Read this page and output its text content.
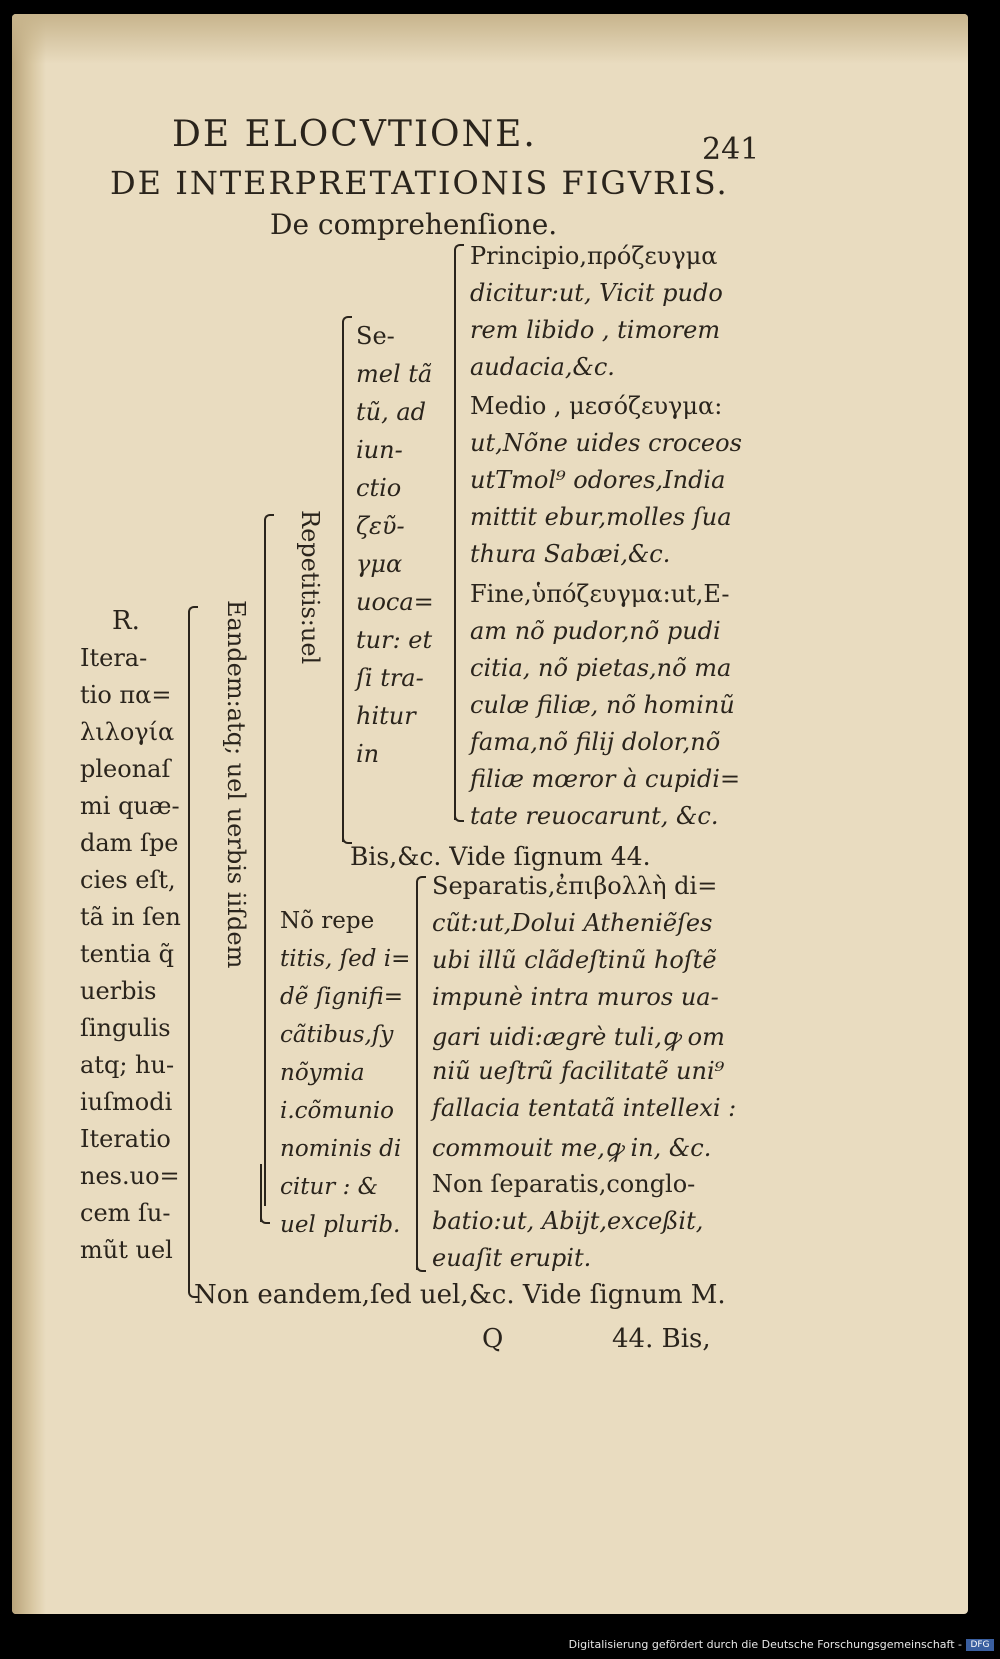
DE ELOCVTIONE.	241
DE INTERPRETATIONIS FIGVRIS.
De comprehenſione.
Itera-
tio πα=
λιλογία
pleonaſ
mi quæ-
dam ſpe
cies eſt,
tã in ſen
tentia q̃
uerbis
ſingulis
atq; hu-
iuſmodi
Iteratio
nes.uo=
cem ſu-
mũt uel
R.	Eandem:atq; uel uerbis iiſdem
Repetitis:uel
Se-
mel tã
tũ, ad
iun-
ctio
ζεῦ-
γμα
uoca=
tur: et
ſi tra-
hitur
in
Principio,πρόζευγμα
dicitur:ut, Vicit pudo
rem libido , timorem
audacia,&c.
Medio , μεσόζευγμα:
ut,Nõne uides croceos
utTmol⁹ odores,India
mittit ebur,molles ſua
thura Sabæi,&c.
Fine,ὑπόζευγμα:ut,E-
am nõ pudor,nõ pudi
citia, nõ pietas,nõ ma
culæ filiæ, nõ hominũ
fama,nõ filij dolor,nõ
filiæ mœror à cupidi=
tate reuocarunt, &c.
Bis,&c. Vide ſignum 44.
Nõ repe
titis, ſed i=
dẽ ſignifi=
cãtibus,ſy
nõymia
i.cõmunio
nominis di
citur : &
uel plurib.
Separatis,ἐπιβολλὴ di=
cũt:ut,Dolui Atheniẽſes
ubi illũ clãdeſtinũ hoſtẽ
impunè intra muros ua-
gari uidi:ægrè tuli,ꝙ om
niũ ueſtrũ facilitatẽ uni⁹
fallacia tentatã intellexi :
commouit me,ꝙ in, &c.
Non ſeparatis,conglo-
batio:ut, Abijt,exceßit,
euaſit erupit.
Non eandem,ſed uel,&c. Vide ſignum M.
Q	44. Bis,
Digitalisierung gefördert durch die Deutsche Forschungsgemeinschaft - DFG
